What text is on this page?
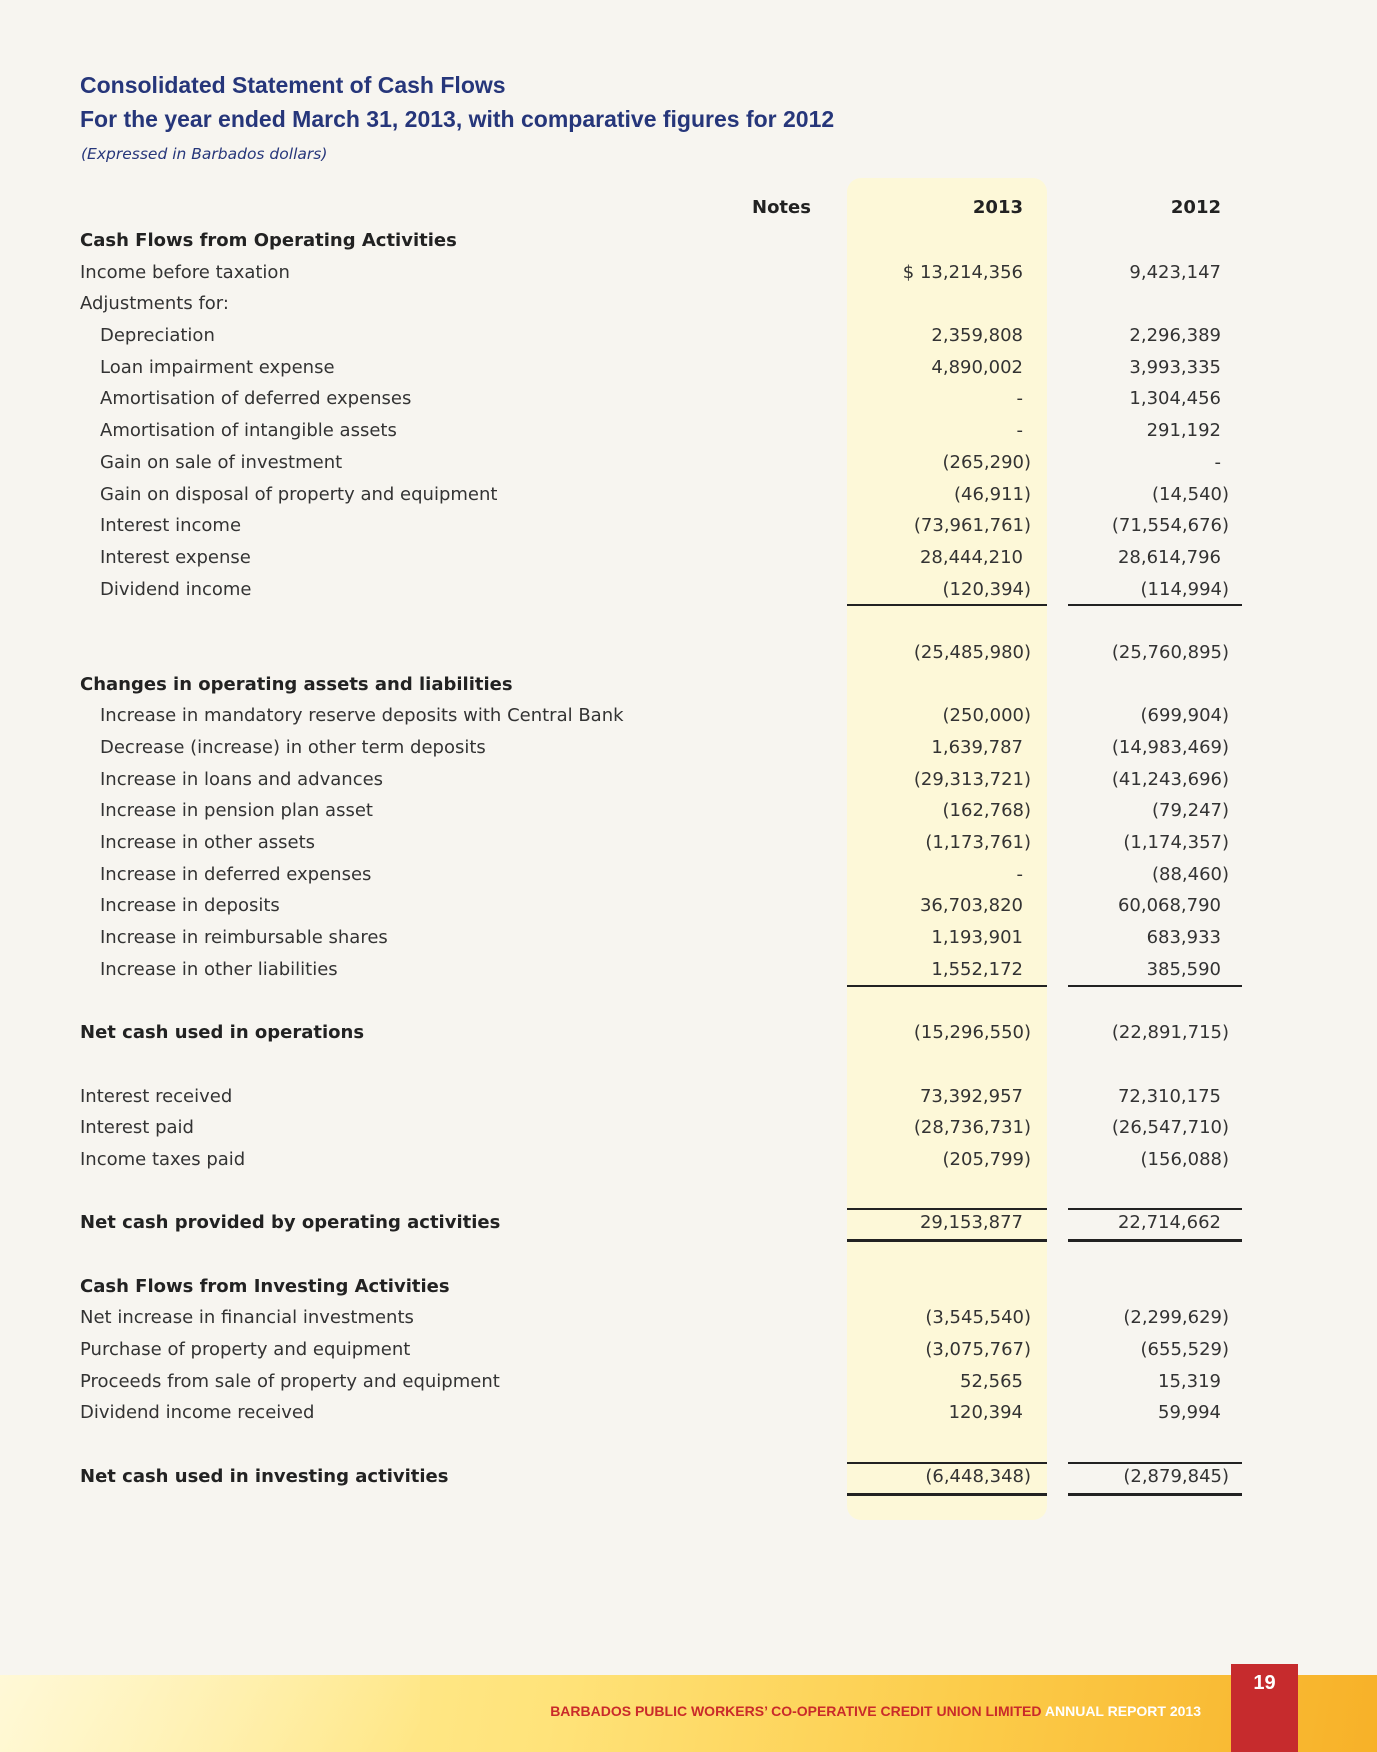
Consolidated Statement of Cash Flows
For the year ended March 31, 2013, with comparative figures for 2012
(Expressed in Barbados dollars)
Notes	2013	2012
Cash Flows from Operating Activities
Income before taxation	$ 13,214,356	9,423,147
Adjustments for:
Depreciation	2,359,808	2,296,389
Loan impairment expense	4,890,002	3,993,335
Amortisation of deferred expenses	-	1,304,456
Amortisation of intangible assets	-	291,192
Gain on sale of investment	(265,290)	-
Gain on disposal of property and equipment	(46,911)	(14,540)
Interest income	(73,961,761)	(71,554,676)
Interest expense	28,444,210	28,614,796
Dividend income	(120,394)	(114,994)
(25,485,980)	(25,760,895)
Changes in operating assets and liabilities
Increase in mandatory reserve deposits with Central Bank	(250,000)	(699,904)
Decrease (increase) in other term deposits	1,639,787	(14,983,469)
Increase in loans and advances	(29,313,721)	(41,243,696)
Increase in pension plan asset	(162,768)	(79,247)
Increase in other assets	(1,173,761)	(1,174,357)
Increase in deferred expenses	-	(88,460)
Increase in deposits	36,703,820	60,068,790
Increase in reimbursable shares	1,193,901	683,933
Increase in other liabilities	1,552,172	385,590
Net cash used in operations	(15,296,550)	(22,891,715)
Interest received	73,392,957	72,310,175
Interest paid	(28,736,731)	(26,547,710)
Income taxes paid	(205,799)	(156,088)
Net cash provided by operating activities	29,153,877	22,714,662
Cash Flows from Investing Activities
Net increase in financial investments	(3,545,540)	(2,299,629)
Purchase of property and equipment	(3,075,767)	(655,529)
Proceeds from sale of property and equipment	52,565	15,319
Dividend income received	120,394	59,994
Net cash used in investing activities	(6,448,348)	(2,879,845)
BARBADOS PUBLIC WORKERS’ CO-OPERATIVE CREDIT UNION LIMITED ANNUAL REPORT 2013
19
